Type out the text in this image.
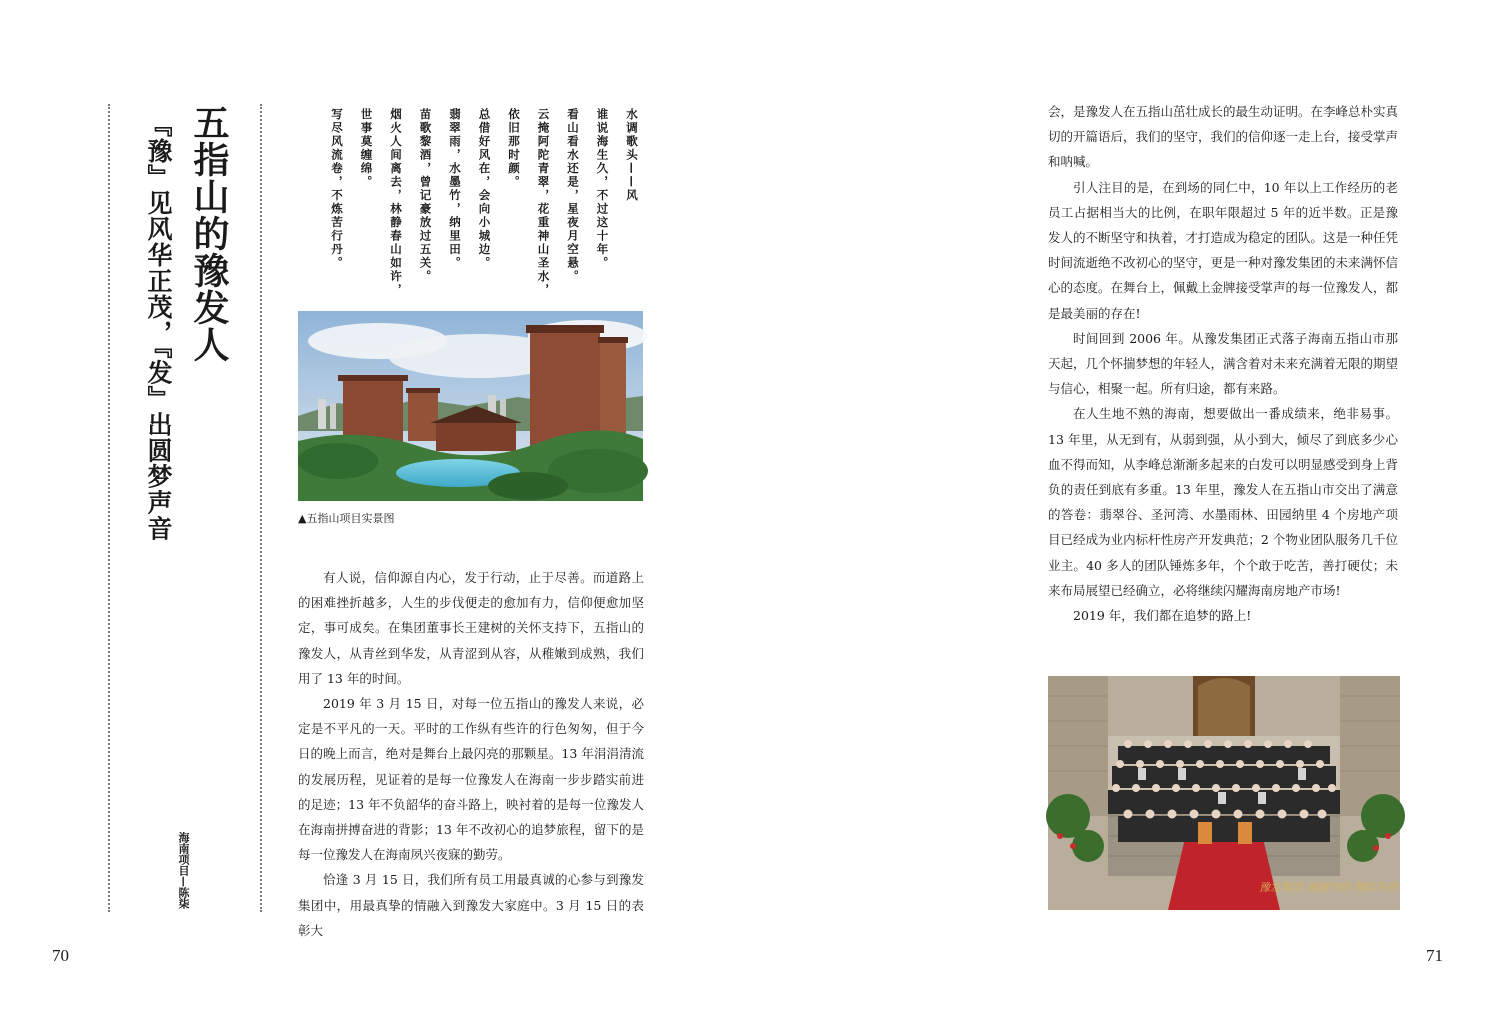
五指山的豫发人
『豫』见风华正茂，『发』出圆梦声音
海南项目—陈柒
水调歌头——风
谁说海生久，不过这十年。
看山看水还是，星夜月空悬。
云掩阿陀青翠，花重神山圣水，
依旧那时颜。
总借好风在，会向小城边。
翡翠雨，水墨竹，纳里田。
苗歌黎酒，曾记豪放过五关。
烟火人间离去，林静春山如许，
世事莫缠绵。
写尽风流卷，不炼苦行丹。
▲五指山项目实景图

有人说，信仰源自内心，发于行动，止于尽善。而道路上的困难挫折越多，人生的步伐便走的愈加有力，信仰便愈加坚定，事可成矣。在集团董事长王建树的关怀支持下，五指山的豫发人，从青丝到华发，从青涩到从容，从稚嫩到成熟，我们用了 13 年的时间。

2019 年 3 月 15 日，对每一位五指山的豫发人来说，必定是不平凡的一天。平时的工作纵有些许的行色匆匆，但于今日的晚上而言，绝对是舞台上最闪亮的那颗星。13 年涓涓清流的发展历程，见证着的是每一位豫发人在海南一步步踏实前进的足迹；13 年不负韶华的奋斗路上，映衬着的是每一位豫发人在海南拼搏奋进的背影；13 年不改初心的追梦旅程，留下的是每一位豫发人在海南夙兴夜寐的勤劳。

恰逢 3 月 15 日，我们所有员工用最真诚的心参与到豫发集团中，用最真挚的情融入到豫发大家庭中。3 月 15 日的表彰大

70

会，是豫发人在五指山茁壮成长的最生动证明。在李峰总朴实真切的开篇语后，我们的坚守，我们的信仰逐一走上台，接受掌声和呐喊。

引人注目的是，在到场的同仁中，10 年以上工作经历的老员工占据相当大的比例，在职年限超过 5 年的近半数。正是豫发人的不断坚守和执着，才打造成为稳定的团队。这是一种任凭时间流逝绝不改初心的坚守，更是一种对豫发集团的未来满怀信心的态度。在舞台上，佩戴上金牌接受掌声的每一位豫发人，都是最美丽的存在!

时间回到 2006 年。从豫发集团正式落子海南五指山市那天起，几个怀揣梦想的年轻人，满含着对未来充满着无限的期望与信心，相聚一起。所有归途，都有来路。

在人生地不熟的海南，想要做出一番成绩来，绝非易事。13 年里，从无到有，从弱到强，从小到大，倾尽了到底多少心血不得而知，从李峰总渐渐多起来的白发可以明显感受到身上背负的责任到底有多重。13 年里，豫发人在五指山市交出了满意的答卷：翡翠谷、圣河湾、水墨雨林、田园纳里 4 个房地产项目已经成为业内标杆性房产开发典范；2 个物业团队服务几千位业主。40 多人的团队锤炼多年，个个敢于吃苦，善打硬仗；未来布局展望已经确立，必将继续闪耀海南房地产市场!

2019 年，我们都在追梦的路上!

豫发集团 感谢有你 精彩有你
71
